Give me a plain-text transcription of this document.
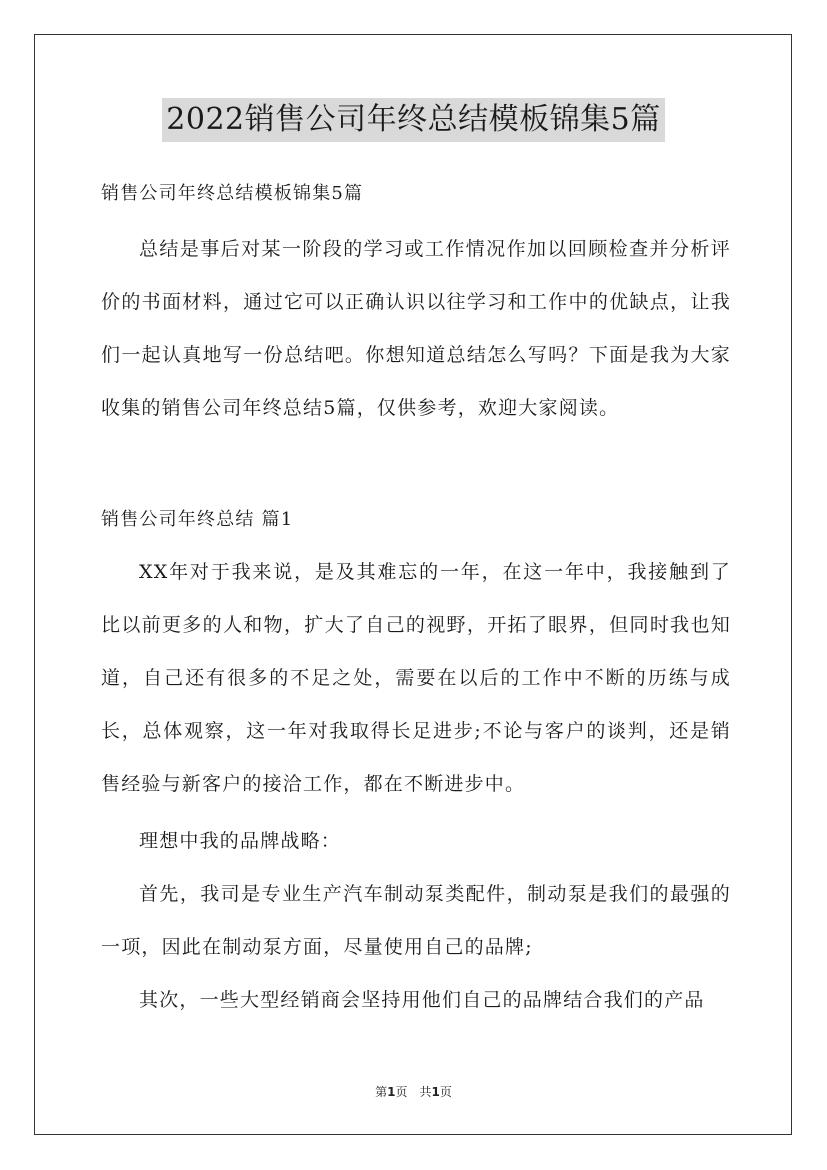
2022销售公司年终总结模板锦集5篇
销售公司年终总结模板锦集5篇

总结是事后对某一阶段的学习或工作情况作加以回顾检查并分析评价的书面材料，通过它可以正确认识以往学习和工作中的优缺点，让我们一起认真地写一份总结吧。你想知道总结怎么写吗？下面是我为大家收集的销售公司年终总结5篇，仅供参考，欢迎大家阅读。

销售公司年终总结 篇1

XX年对于我来说，是及其难忘的一年，在这一年中，我接触到了比以前更多的人和物，扩大了自己的视野，开拓了眼界，但同时我也知道，自己还有很多的不足之处，需要在以后的工作中不断的历练与成长，总体观察，这一年对我取得长足进步;不论与客户的谈判，还是销售经验与新客户的接洽工作，都在不断进步中。

理想中我的品牌战略：

首先，我司是专业生产汽车制动泵类配件，制动泵是我们的最强的一项，因此在制动泵方面，尽量使用自己的品牌;

其次，一些大型经销商会坚持用他们自己的品牌结合我们的产品

第1页　共1页
